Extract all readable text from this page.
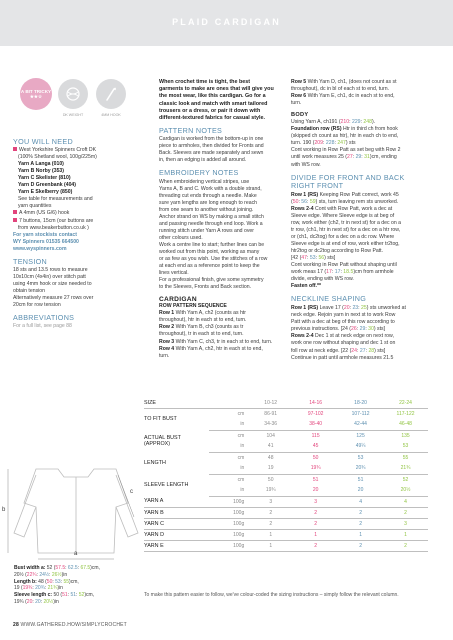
PLAID CARDIGAN
A BIT TRICKY ★★☆
DK WEIGHT	4MM HOOK
YOU WILL NEED
West Yorkshire Spinners Croft DK
(100% Shetland wool, 100g/225m)
Yarn A Langa (010)
Yarn B Norby (353)
Yarn C Skelister (810)
Yarn D Greenbank (404)
Yarn E Skelberry (850)
See table for measurements and
yarn quantities
A 4mm (US G/6) hook
7 buttons, 15cm (our buttons are
from www.beakerbutton.co.uk )
For yarn stockists contact
WY Spinners 01535 664500
www.wyspinners.com
TENSION
18 sts and 13.5 rows to measure
10x10cm (4x4in) over stitch patt
using 4mm hook or size needed to
obtain tension
Alternatively measure 27 rows over
20cm for row tension
ABBREVIATIONS
For a full list, see page 88
When crochet time is tight, the best
garments to make are ones that will give you
the most wear, like this cardigan. Go for a
classic look and match with smart tailored
trousers or a dress, or pair it down with
different-textured fabrics for casual style.
PATTERN NOTES
Cardigan is worked from the bottom-up in one
piece to armholes, then divided for Fronts and
Back. Sleeves are made separately and sewn
in, then an edging is added all around.
EMBROIDERY NOTES
When embroidering vertical stripes, use
Yarns A, B and C. Work with a double strand,
threading cut ends through a needle. Make
sure yarn lengths are long enough to reach
from one seam to another without joining.
Anchor strand on WS by making a small stitch
and passing needle through end loop. Work a
running stitch under Yarn A rows and over
other colours used.
Work a centre line to start; further lines can be
worked out from this point, working as many
or as few as you wish. Use the stitches of a row
at each end as a reference point to keep the
lines vertical.
For a professional finish, give some symmetry
to the Sleeves, Fronts and Back section.
CARDIGAN
ROW PATTERN SEQUENCE
Row 1 With Yarn A, ch2 (counts as htr
throughout), htr in each st to end, turn.
Row 2 With Yarn B, ch3 (counts as tr
throughout), tr in each st to end, turn.
Row 3 With Yarn C, ch3, tr in each st to end, turn.
Row 4 With Yarn A, ch2, htr in each st to end,
turn.
Row 5 With Yarn D, ch1, (does not count as st
throughout), dc in bl of each st to end, turn.
Row 6 With Yarn E, ch1, dc in each st to end,
turn.
BODY
Using Yarn A, ch191 (210: 229: 248).
Foundation row (RS) Htr in third ch from hook
(skipped ch count as htr), htr in each ch to end,
turn. 190 (209: 228: 247) sts
Cont working in Row Patt as set beg with Row 2
until work measures 25 (27: 29: 31)cm, ending
with WS row.
DIVIDE FOR FRONT AND BACK
RIGHT FRONT
Row 1 (RS) Keeping Row Patt correct, work 45
(50: 56: 59) sts, turn leaving rem sts unworked.
Rows 2-4 Cont with Row Patt, work a dec at
Sleeve edge. Where Sleeve edge is at beg of
row, work either (ch2, tr in next st) for a dec on a
tr row, (ch1, htr in next st) for a dec on a htr row,
or (ch1, dc2tog) for a dec on a dc row. Where
Sleeve edge is at end of row, work either tr2tog,
htr2tog or dc2tog according to Row Patt.
[42 (47: 53: 56) sts]
Cont working in Row Patt without shaping until
work meas 17 (17: 17: 18.5)cm from armhole
divide, ending with WS row.
Fasten off.**
NECKLINE SHAPING
Row 1 (RS) Leave 17 (20: 23: 25) sts unworked at
neck edge. Rejoin yarn in next st to work Row
Patt with a dec at beg of this row according to
previous instructions. [24 (26: 29: 30) sts]
Rows 2-4 Dec 1 st at neck edge on next row,
work one row without shaping and dec 1 st on
foll row at neck edge. [22 (24: 27: 28) sts]
Continue in patt until armhole measures 21.5
SIZE		10-12	14-16	18-20	22-24
TO FIT BUST	cm	86-91	97-102	107-112	117-122
	in	34-36	38-40	42-44	46-48

ACTUAL BUST
(APPROX)	cm	104	115	125	135
	in	41	45	49¼	53
LENGTH	cm	48	50	53	55
	in	19	19¾	20¾	21¾
SLEEVE LENGTH	cm	50	51	51	52
	in	19¾	20	20	20½
YARN A	100g	3	3	4	4
YARN B	100g	2	2	2	2
YARN C	100g	2	2	2	3
YARN D	100g	1	1	1	1
YARN E	100g	1	2	2	2
To make this pattern easier to follow, we've colour-coded the sizing instructions – simply follow the relevant column.
a
b
c
Bust width a: 52 (57.5: 62.5: 67.5)cm,
20½ (22¾: 24½: 26½)in
Length b: 48 (50: 53: 55)cm,
19 (19¾: 20¾: 21¾)in
Sleeve length c: 50 (51: 51: 52)cm,
19¾ (20: 20: 20½)in
28 WWW.GATHERED.HOW/SIMPLYCROCHET
